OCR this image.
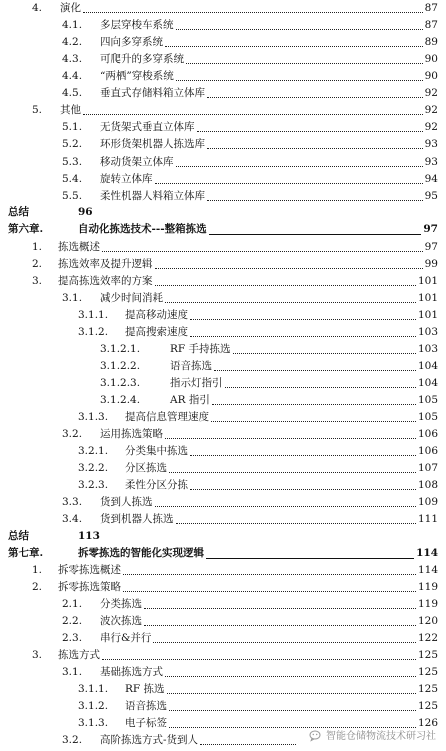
4. 演化	87
4.1. 多层穿梭车系统	87
4.2. 四向多穿系统	89
4.3. 可爬升的多穿系统	90
4.4. “两栖”穿梭系统	90
4.5. 垂直式存储料箱立体库	92
5. 其他	92
5.1. 无货架式垂直立体库	92
5.2. 环形货架机器人拣选库	93
5.3. 移动货架立体库	93
5.4. 旋转立体库	94
5.5. 柔性机器人料箱立体库	95
总结	96
第六章.	自动化拣选技术---整箱拣选	97
1. 拣选概述	97
2. 拣选效率及提升逻辑	99
3. 提高拣选效率的方案	101
3.1. 减少时间消耗	101
3.1.1. 提高移动速度	101
3.1.2. 提高搜索速度	103
3.1.2.1.	RF 手持拣选	103
3.1.2.2.	语音拣选	104
3.1.2.3.	指示灯指引	104
3.1.2.4.	AR 指引	105
3.1.3. 提高信息管理速度	105
3.2. 运用拣选策略	106
3.2.1. 分类集中拣选	106
3.2.2. 分区拣选	107
3.2.3. 柔性分区分拣	108
3.3. 货到人拣选	109
3.4. 货到机器人拣选	111
总结	113
第七章.	拆零拣选的智能化实现逻辑	114
1. 拆零拣选概述	114
2. 拆零拣选策略	119
2.1. 分类拣选	119
2.2. 波次拣选	120
2.3. 串行&并行	122
3. 拣选方式	125
3.1. 基础拣选方式	125
3.1.1. RF 拣选	125
3.1.2. 语音拣选	125
3.1.3. 电子标签	126
3.2. 高阶拣选方式-货到人	智能仓储物流技术研习社
